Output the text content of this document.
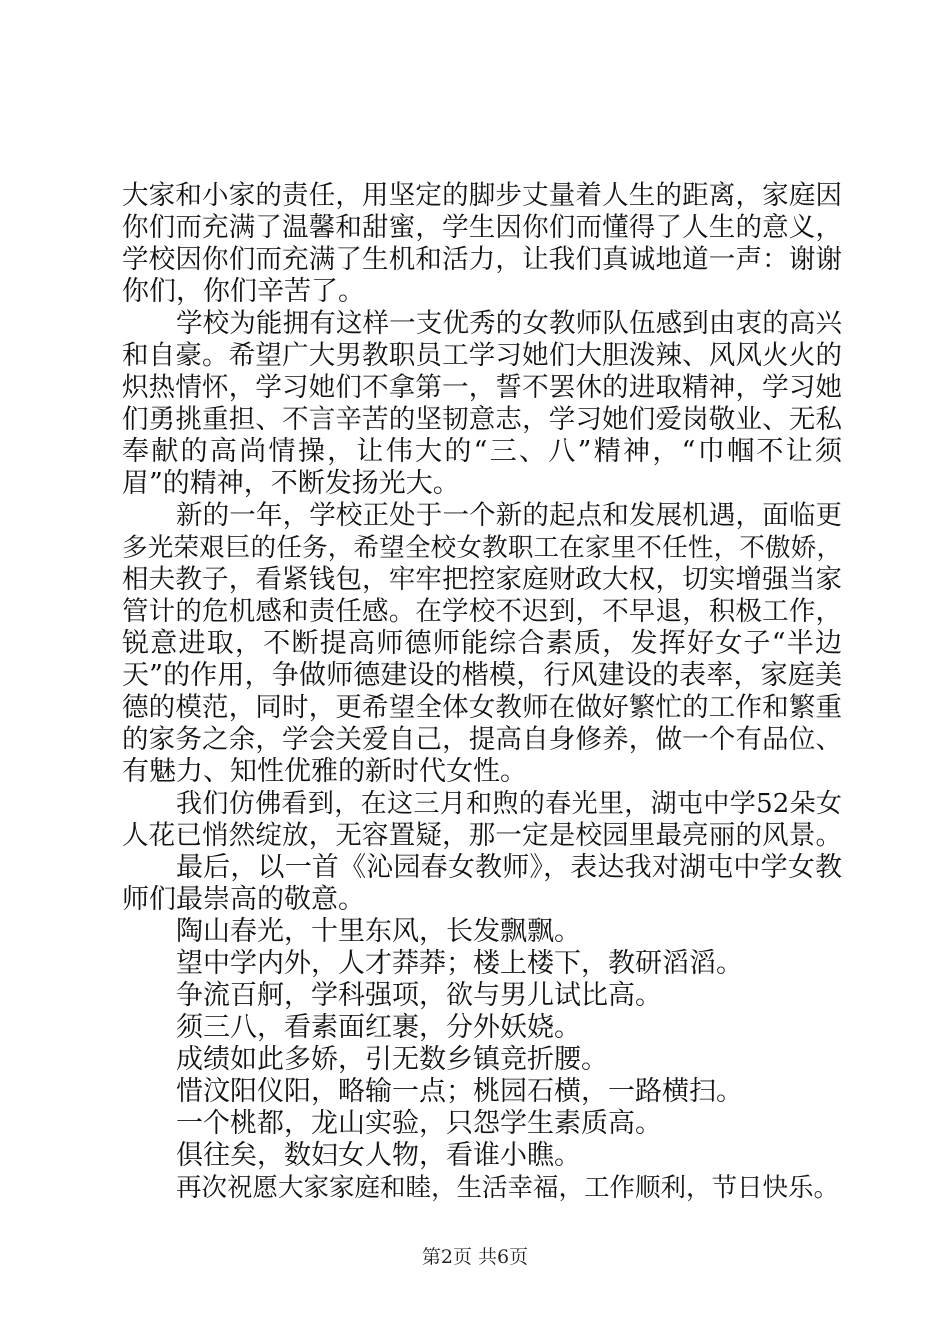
大家和小家的责任，用坚定的脚步丈量着人生的距离，家庭因
你们而充满了温馨和甜蜜，学生因你们而懂得了人生的意义，
学校因你们而充满了生机和活力，让我们真诚地道一声：谢谢
你们，你们辛苦了。
学校为能拥有这样一支优秀的女教师队伍感到由衷的高兴
和自豪。希望广大男教职员工学习她们大胆泼辣、风风火火的
炽热情怀，学习她们不拿第一，誓不罢休的进取精神，学习她
们勇挑重担、不言辛苦的坚韧意志，学习她们爱岗敬业、无私
奉献的高尚情操，让伟大的“三、八”精神，“巾帼不让须
眉”的精神，不断发扬光大。
新的一年，学校正处于一个新的起点和发展机遇，面临更
多光荣艰巨的任务，希望全校女教职工在家里不任性，不傲娇，
相夫教子，看紧钱包，牢牢把控家庭财政大权，切实增强当家
管计的危机感和责任感。在学校不迟到，不早退，积极工作，
锐意进取，不断提高师德师能综合素质，发挥好女子“半边
天”的作用，争做师德建设的楷模，行风建设的表率，家庭美
德的模范，同时，更希望全体女教师在做好繁忙的工作和繁重
的家务之余，学会关爱自己，提高自身修养，做一个有品位、
有魅力、知性优雅的新时代女性。
我们仿佛看到，在这三月和煦的春光里，湖屯中学52朵女
人花已悄然绽放，无容置疑，那一定是校园里最亮丽的风景。
最后，以一首《沁园春女教师》，表达我对湖屯中学女教
师们最崇高的敬意。
陶山春光，十里东风，长发飘飘。
望中学内外，人才莽莽；楼上楼下，教研滔滔。
争流百舸，学科强项，欲与男儿试比高。
须三八，看素面红裹，分外妖娆。
成绩如此多娇，引无数乡镇竞折腰。
惜汶阳仪阳，略输一点；桃园石横，一路横扫。
一个桃都，龙山实验，只怨学生素质高。
俱往矣，数妇女人物，看谁小瞧。
再次祝愿大家家庭和睦，生活幸福，工作顺利，节日快乐。
第2页 共6页
